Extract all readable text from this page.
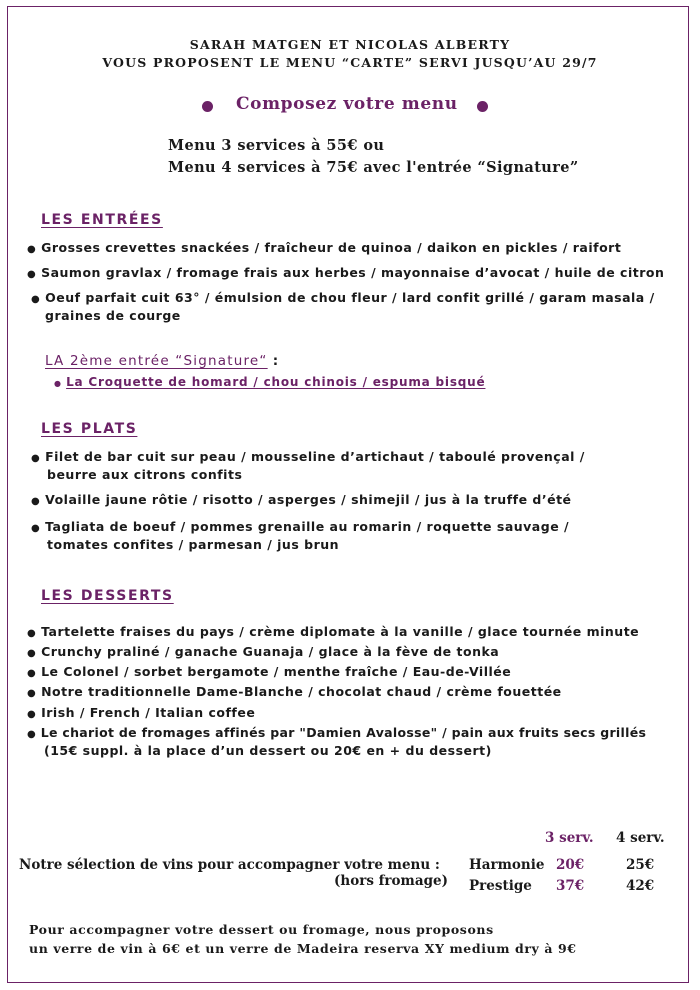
SARAH MATGEN ET NICOLAS ALBERTY
VOUS PROPOSENT LE MENU “CARTE” SERVI JUSQU’AU 29/7
Composez votre menu
Menu 3 services à 55€ ou
Menu 4 services à 75€ avec l'entrée “Signature”
LES ENTRÉES
● Grosses crevettes snackées / fraîcheur de quinoa / daikon en pickles / raifort
● Saumon gravlax / fromage frais aux herbes / mayonnaise d’avocat / huile de citron
● Oeuf parfait cuit 63° / émulsion de chou fleur / lard confit grillé / garam masala /
graines de courge
LA 2ème entrée “Signature“ :
● La Croquette de homard / chou chinois / espuma bisqué
LES PLATS
● Filet de bar cuit sur peau / mousseline d’artichaut / taboulé provençal /
beurre aux citrons confits
● Volaille jaune rôtie / risotto / asperges / shimejil / jus à la truffe d’été
● Tagliata de boeuf / pommes grenaille au romarin / roquette sauvage /
tomates confites / parmesan / jus brun
LES DESSERTS
● Tartelette fraises du pays / crème diplomate à la vanille / glace tournée minute
● Crunchy praliné / ganache Guanaja / glace à la fève de tonka
● Le Colonel / sorbet bergamote / menthe fraîche / Eau-de-Villée
● Notre traditionnelle Dame-Blanche / chocolat chaud / crème fouettée
● Irish / French / Italian coffee
● Le chariot de fromages affinés par "Damien Avalosse" / pain aux fruits secs grillés
(15€ suppl. à la place d’un dessert ou 20€ en + du dessert)
3 serv. 4 serv.
Notre sélection de vins pour accompagner votre menu :
(hors fromage)
Harmonie 20€	25€
Prestige 37€	42€
Pour accompagner votre dessert ou fromage, nous proposons
un verre de vin à 6€ et un verre de Madeira reserva XY medium dry à 9€
